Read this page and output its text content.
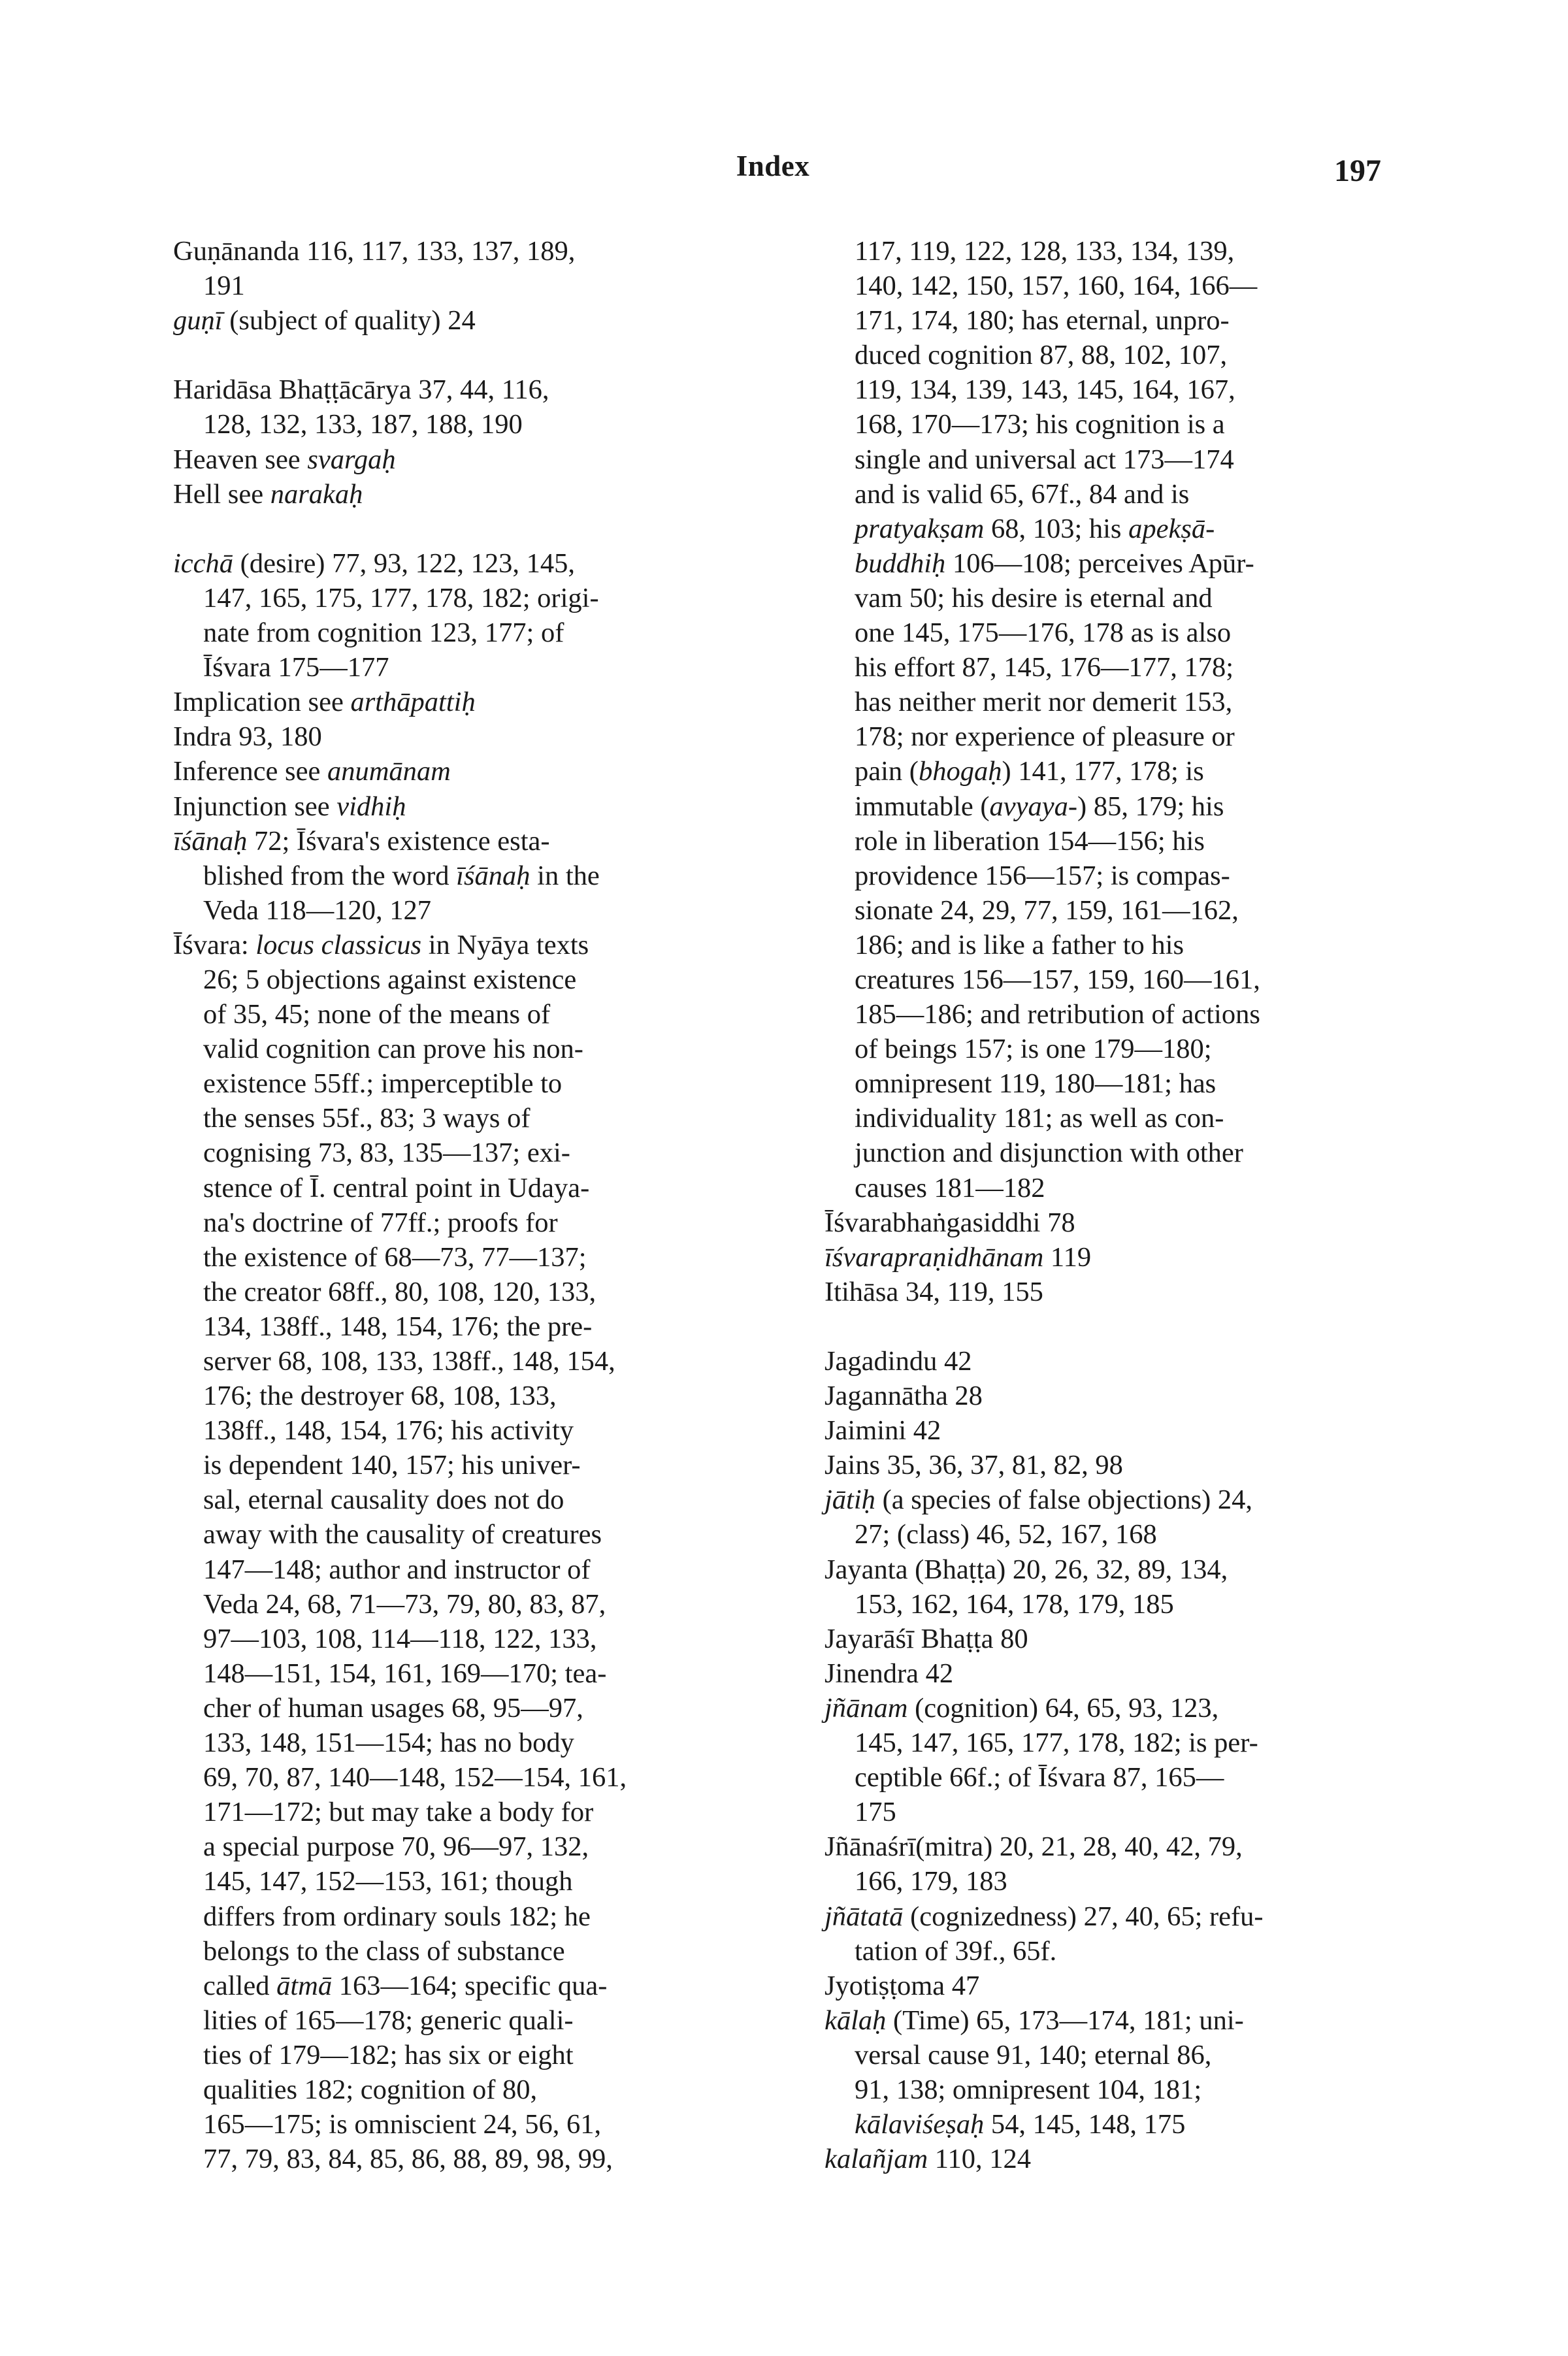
Index	197
Guṇānanda 116, 117, 133, 137, 189,
191
guṇī (subject of quality) 24
Haridāsa Bhaṭṭācārya 37, 44, 116,
128, 132, 133, 187, 188, 190
Heaven see svargaḥ
Hell see narakaḥ
icchā (desire) 77, 93, 122, 123, 145,
147, 165, 175, 177, 178, 182; origi-
nate from cognition 123, 177; of
Īśvara 175—177
Implication see arthāpattiḥ
Indra 93, 180
Inference see anumānam
Injunction see vidhiḥ
īśānaḥ 72; Īśvara's existence esta-
blished from the word īśānaḥ in the
Veda 118—120, 127
Īśvara: locus classicus in Nyāya texts
26; 5 objections against existence
of 35, 45; none of the means of
valid cognition can prove his non-
existence 55ff.; imperceptible to
the senses 55f., 83; 3 ways of
cognising 73, 83, 135—137; exi-
stence of Ī. central point in Udaya-
na's doctrine of 77ff.; proofs for
the existence of 68—73, 77—137;
the creator 68ff., 80, 108, 120, 133,
134, 138ff., 148, 154, 176; the pre-
server 68, 108, 133, 138ff., 148, 154,
176; the destroyer 68, 108, 133,
138ff., 148, 154, 176; his activity
is dependent 140, 157; his univer-
sal, eternal causality does not do
away with the causality of creatures
147—148; author and instructor of
Veda 24, 68, 71—73, 79, 80, 83, 87,
97—103, 108, 114—118, 122, 133,
148—151, 154, 161, 169—170; tea-
cher of human usages 68, 95—97,
133, 148, 151—154; has no body
69, 70, 87, 140—148, 152—154, 161,
171—172; but may take a body for
a special purpose 70, 96—97, 132,
145, 147, 152—153, 161; though
differs from ordinary souls 182; he
belongs to the class of substance
called ātmā 163—164; specific qua-
lities of 165—178; generic quali-
ties of 179—182; has six or eight
qualities 182; cognition of 80,
165—175; is omniscient 24, 56, 61,
77, 79, 83, 84, 85, 86, 88, 89, 98, 99,
117, 119, 122, 128, 133, 134, 139,
140, 142, 150, 157, 160, 164, 166—
171, 174, 180; has eternal, unpro-
duced cognition 87, 88, 102, 107,
119, 134, 139, 143, 145, 164, 167,
168, 170—173; his cognition is a
single and universal act 173—174
and is valid 65, 67f., 84 and is
pratyakṣam 68, 103; his apekṣā-
buddhiḥ 106—108; perceives Apūr-
vam 50; his desire is eternal and
one 145, 175—176, 178 as is also
his effort 87, 145, 176—177, 178;
has neither merit nor demerit 153,
178; nor experience of pleasure or
pain (bhogaḥ) 141, 177, 178; is
immutable (avyaya-) 85, 179; his
role in liberation 154—156; his
providence 156—157; is compas-
sionate 24, 29, 77, 159, 161—162,
186; and is like a father to his
creatures 156—157, 159, 160—161,
185—186; and retribution of actions
of beings 157; is one 179—180;
omnipresent 119, 180—181; has
individuality 181; as well as con-
junction and disjunction with other
causes 181—182
Īśvarabhaṅgasiddhi 78
īśvarapraṇidhānam 119
Itihāsa 34, 119, 155
Jagadindu 42
Jagannātha 28
Jaimini 42
Jains 35, 36, 37, 81, 82, 98
jātiḥ (a species of false objections) 24,
27; (class) 46, 52, 167, 168
Jayanta (Bhaṭṭa) 20, 26, 32, 89, 134,
153, 162, 164, 178, 179, 185
Jayarāśī Bhaṭṭa 80
Jinendra 42
jñānam (cognition) 64, 65, 93, 123,
145, 147, 165, 177, 178, 182; is per-
ceptible 66f.; of Īśvara 87, 165—
175
Jñānaśrī(mitra) 20, 21, 28, 40, 42, 79,
166, 179, 183
jñātatā (cognizedness) 27, 40, 65; refu-
tation of 39f., 65f.
Jyotiṣṭoma 47
kālaḥ (Time) 65, 173—174, 181; uni-
versal cause 91, 140; eternal 86,
91, 138; omnipresent 104, 181;
kālaviśeṣaḥ 54, 145, 148, 175
kalañjam 110, 124
